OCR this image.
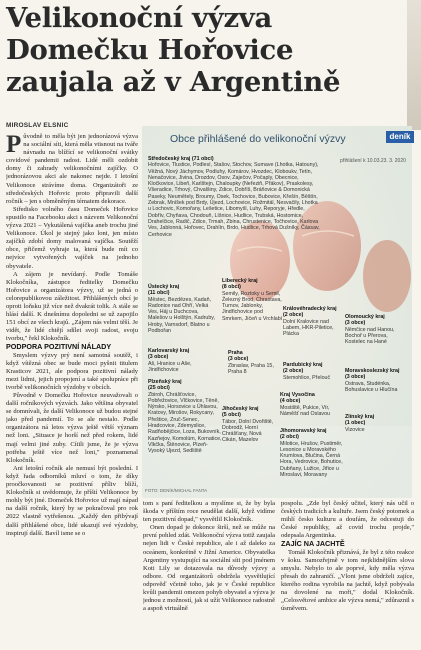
Velikonoční výzva
Domečku Hořovice
zaujala až v Argentině
MIROSLAV ELSNIC

Původně to měla být jen jednorázová výzva na sociální síti, která měla vtisnout na tváře návnadu na blížící se velikonoční svátky covidové pandemii radost. Lidé měli ozdobit domy či zahrady velikonočními zajíčky. O jednorázovou akci ale nakonec nejde. I letošní Velikonoce strávíme doma. Organizátoři ze středočeských Hořovic proto připravili další ročník – jen s obměněným tématem dekorace.

Středisko volného času Domeček Hořovice spustilo na Facebooku akci s názvem Velikonoční výzva 2021 – Vykutálená vajíčka aneb trochu jiné Velikonoce. Úkol je stejný jako loni, jen místo zajíčků zdobí domy malovaná vajíčka. Soutěží obce, přičemž vyhraje ta, která bude mít co nejvíce vytvořených vajíček na jednoho obyvatele.

A zájem je nevídaný. Podle Tomáše Klokočníka, zástupce ředitelky Domečku Hořovice a organizátora výzvy, už se jedná o celorepublikovou záležitost. Přihlášených obcí je oproti loňsku již více než dvakrát tolik. A stále se hlásí další. K dnešnímu dopoledni se už zapojilo 151 obcí ze všech krajů. „Zájem nás velmi těší. Je vidět, že lidé chtějí sdílet svoji radost, svoju tvorbu," řekl Klokočník.

PODPORA POZITIVNÍ NÁLADY

Smyslem výzvy prý není samotná soutěž, i když vítězná obec se bude moci pyšnit titulem Krasticov 2021, ale podpora pozitivní nálady mezi lidmi, jejich propojení a také spolupráce při tvorbě velikonočních výzdoby v obcích.

Původně v Domečku Hořovice neuvažovali o další ročníkových výzvách. Jako většina obyvatel se domnívali, že další Velikonoce už budou stejné jako před pandemií. To se ale nestalo. Podle organizátora ná letos výzva ještě větší význam než loni. „Situace je horší než před rokem, lidé mají velmi jiné zuby. Cítili jsme, že je výzva potřeba ještě více než loni," poznamenal Klokočník.

Ani letošní ročník ale nemusí být poslední. I když řada odborníků mluví o tom, že díky proočkovanosti se pozitivní příliv blíží, Klokočník si uvědomuje, že příští Velikonoce by mohly být jiné. Domeček Hořovice už mají nápad na další ročník, který by se pokračoval pro rok 2022 vlastně vytřešenou. „Každý den přibývají další přihlášené obce, lidé ukazují své výzdoby, inspirují další. Bavíl isme se o

Obce přihlášené do velikonoční výzvy	deník
přihlášení k 10.03.23. 3. 2020
Středočeský kraj (71 obcí)
Hořovice, Tlustice, Podlesí, Stašov, Stochov, Sumave (Lhotka, Hatouny), Věžná, Nový Jáchymov, Podluhy, Komárov, Hvozdec, Kloboukv, Tetín, Nenačovice, Jivina, Drozdov, Osov, Zaječov, Počaply, Obecnice, Kločkovice, Libeň, Karlštejn, Chaloupky (Neřeziň, Přákov), Praskolesy, Všeradice, Trhový, Chvalšiny, Zdice, Dobříš, Bráňovice & Domonická Paseky, Neumětely, Broumy, Osek, Tochovice, Bubovice, Křešín, Běštín, Zebrak, Mníšek pod Brdy, Újezd, Lochovice, Rožmitál, Nesvačily, Lhotka u Lochovic, Komořany, Lešetice, Libomyšl, Luhy, Řeporyje, Hředle, Dobřív, Chyňava, Chodouň, Líšnice, Hudlice, Trubská, Hostomice, Drahelčice, Radič, Zdice, Trmah, Zbina, Chrustenice, Točhovice, Karlova Ves, Jablonná, Hořovec, Drahlín, Brdo, Hudlice, Trhová Dušníky, Čássav, Cerhovice
Ústecký kraj
(11 obcí)
Městec, Bezdězes, Kadaň, Radonice nad Ohří, Velká Ves, Háj u Duchcova, Malešov u Holštýn, Kadruby, Hroby, Varnsdorf, Blatno u Podbořan
Karlovarský kraj
(3 obce)
Aš, Hranice u Aše, Jindřichovice
Plzeňský kraj
(25 obcí)
Zbiroh, Chrášťovice, Pobřežovice, Vlčkovice, Těně, Nýrsko, Horsovice u Úhlavou, Kratovy, Mirošov, Rokycany, Přeštice, Zruč-Senec, Hradcovice, Zdemyslice, Radňobějčice, Loza, Bukovník, Kazňejov, Komolúm, Kornatice, Vlkčka, Štěnovice, Plzeň-Vysoký Ujezd, Sedliště
Liberecký kraj
(8 obcí)
Semily, Roztoky u Semil, Železný Brod, Chrastava, Turnov, Jablonky, Jindřichovice pod Smrkem, Jičeň u Vrchlabí
Praha
(3 obce)
Zbraslav, Praha 15, Praha 8
Jihočeský kraj
(5 obcí)
Tábor, Dolní Dvořiště, Dobrodž, Horní Chrášťany, Nová Cikán, Mazelov
Královéhradecký kraj
(2 obce)
Dolní Kralovice nad Labem, HKR-Piletice, Plácka
Pardubický kraj
(2 obce)
Stemohlice, Přelouč
Kraj Vysočina
(4 obce)
Mostiště, Pukice, Vír, Náměšť nad Oslavou
Jihomoravský kraj
(2 obcí)
Milotice, Hrušov, Pustiměr, Lesonice u Moravského Krumlova, Blučina, Černá Hora, Vedrovice, Bohutice, Dubňany, Lužice, Jiřice u Miroslavi, Moravany
Olomoucký kraj
(3 obce)
Němčice nad Hanou, Bochoř u Přerova, Kostelec na Hané
Moravskoslezský kraj
(3 obce)
Ostrava, Studénka, Bohuslavice u Hlučína
Zlínský kraj
(1 obec)
Vizovice
FOTO: DENÍK/MICHAL FANTA

tom s paní ředitelkou a myslíme si, že by byla škoda v příštím roce neudělat další, když vidíme ten pozitivní dopad," vysvětlil Klokočník.

Onen dopad je dokonce širší, než se může na první pohled zdát. Velikonoční výzva totiž zaujala nejen lidi v České republice, ale i až daleko za oceánem, konkrétně v Jižní Americe. Obyvatelka Argentiny vystupující na sociální síti pod jménem Koti Lily se dotazovala na důvody výzvy a odbore. Od organizátorů obdržela vysvětlující odpověď včetně toho, jak je v České republice kvůli pandemii omezen pohyb obyvatel a výzva je jednou z možností, jak si užít Velikonoce radostně a aspoň virtuálně

pospolu. „Zde byl český učitel, který nás učil o českých tradicích a kultuře. Jsem český potomek a mihlí česko kulturu a doufám, že odcestuji do České republiky, až covid trochu projde," odepsala Argentinka.

ZAJÍC NA JACHTĚ

Tomáš Klokočník přiznává, že byl z této reakce v šoku. Samozřejmě v tom nejklidnějším slova smyslu. Nebylo to ale poprvé, kdy měla výzva přesah do zahraničí. „Vloni jsme obdrželi zajíce, kterého rodina vyrobila na jachtě, když pobývala na dovolené na moři," dodal Klokočník. „Celosvětové ambice ale výzva nemá," zdůraznil s úsměvem.
